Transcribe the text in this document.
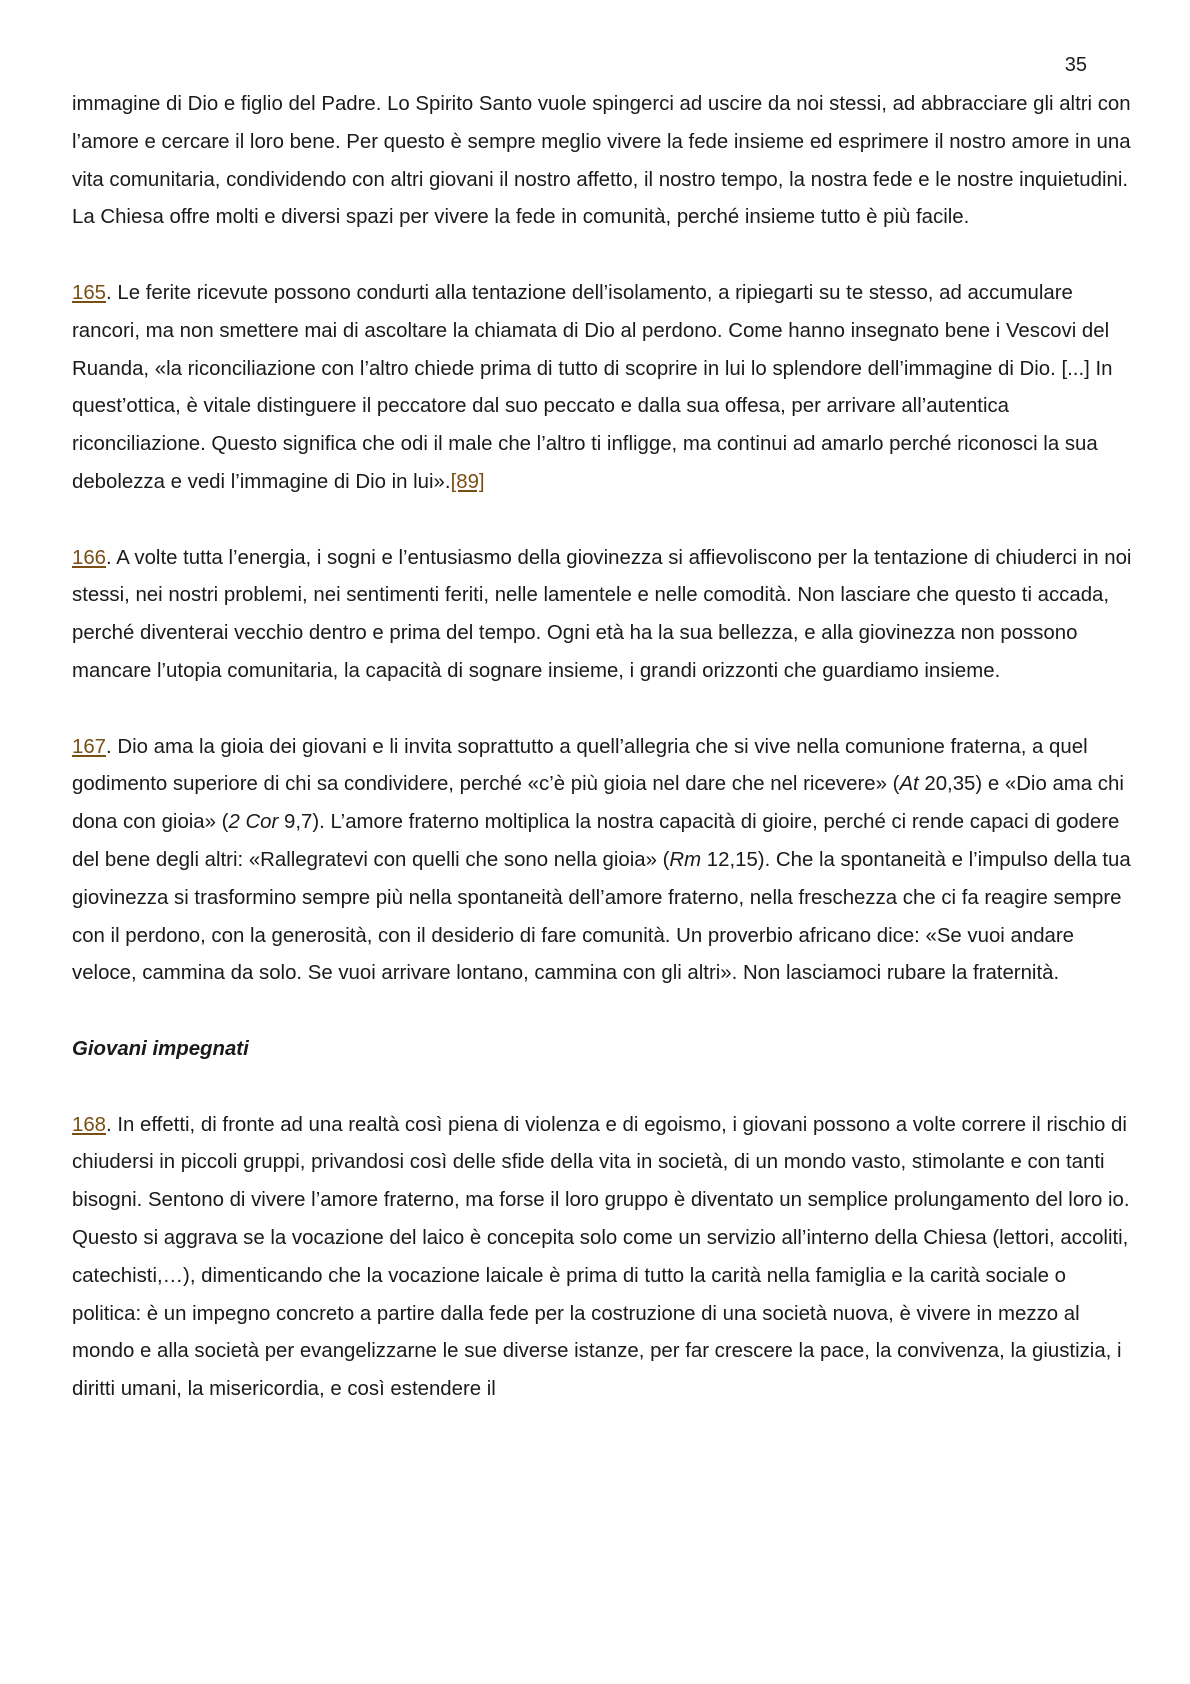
35

immagine di Dio e figlio del Padre. Lo Spirito Santo vuole spingerci ad uscire da noi stessi, ad abbracciare gli altri con l’amore e cercare il loro bene. Per questo è sempre meglio vivere la fede insieme ed esprimere il nostro amore in una vita comunitaria, condividendo con altri giovani il nostro affetto, il nostro tempo, la nostra fede e le nostre inquietudini. La Chiesa offre molti e diversi spazi per vivere la fede in comunità, perché insieme tutto è più facile.

165. Le ferite ricevute possono condurti alla tentazione dell’isolamento, a ripiegarti su te stesso, ad accumulare rancori, ma non smettere mai di ascoltare la chiamata di Dio al perdono. Come hanno insegnato bene i Vescovi del Ruanda, «la riconciliazione con l’altro chiede prima di tutto di scoprire in lui lo splendore dell’immagine di Dio. [...] In quest’ottica, è vitale distinguere il peccatore dal suo peccato e dalla sua offesa, per arrivare all’autentica riconciliazione. Questo significa che odi il male che l’altro ti infligge, ma continui ad amarlo perché riconosci la sua debolezza e vedi l’immagine di Dio in lui».[89]

166. A volte tutta l’energia, i sogni e l’entusiasmo della giovinezza si affievoliscono per la tentazione di chiuderci in noi stessi, nei nostri problemi, nei sentimenti feriti, nelle lamentele e nelle comodità. Non lasciare che questo ti accada, perché diventerai vecchio dentro e prima del tempo. Ogni età ha la sua bellezza, e alla giovinezza non possono mancare l’utopia comunitaria, la capacità di sognare insieme, i grandi orizzonti che guardiamo insieme.

167. Dio ama la gioia dei giovani e li invita soprattutto a quell’allegria che si vive nella comunione fraterna, a quel godimento superiore di chi sa condividere, perché «c’è più gioia nel dare che nel ricevere» (At 20,35) e «Dio ama chi dona con gioia» (2 Cor 9,7). L’amore fraterno moltiplica la nostra capacità di gioire, perché ci rende capaci di godere del bene degli altri: «Rallegratevi con quelli che sono nella gioia» (Rm 12,15). Che la spontaneità e l’impulso della tua giovinezza si trasformino sempre più nella spontaneità dell’amore fraterno, nella freschezza che ci fa reagire sempre con il perdono, con la generosità, con il desiderio di fare comunità. Un proverbio africano dice: «Se vuoi andare veloce, cammina da solo. Se vuoi arrivare lontano, cammina con gli altri». Non lasciamoci rubare la fraternità.

Giovani impegnati

168. In effetti, di fronte ad una realtà così piena di violenza e di egoismo, i giovani possono a volte correre il rischio di chiudersi in piccoli gruppi, privandosi così delle sfide della vita in società, di un mondo vasto, stimolante e con tanti bisogni. Sentono di vivere l’amore fraterno, ma forse il loro gruppo è diventato un semplice prolungamento del loro io. Questo si aggrava se la vocazione del laico è concepita solo come un servizio all’interno della Chiesa (lettori, accoliti, catechisti,…), dimenticando che la vocazione laicale è prima di tutto la carità nella famiglia e la carità sociale o politica: è un impegno concreto a partire dalla fede per la costruzione di una società nuova, è vivere in mezzo al mondo e alla società per evangelizzarne le sue diverse istanze, per far crescere la pace, la convivenza, la giustizia, i diritti umani, la misericordia, e così estendere il
